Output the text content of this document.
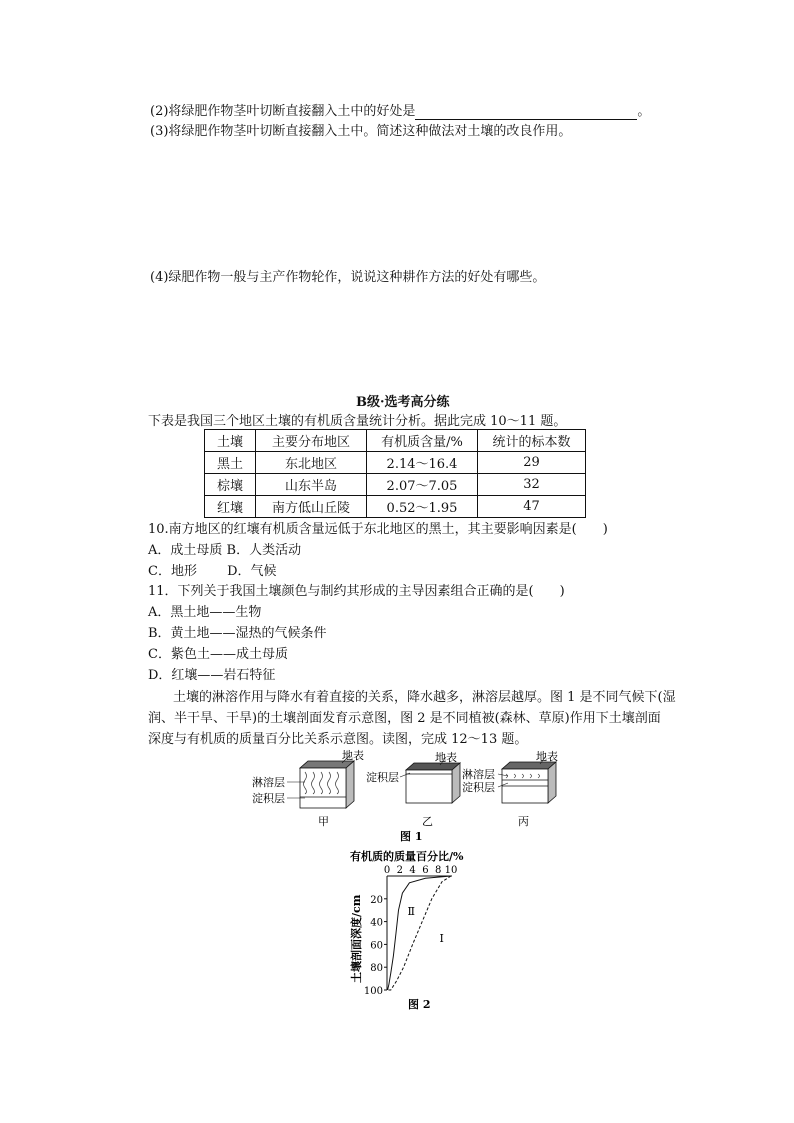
(2)将绿肥作物茎叶切断直接翻入土中的好处是	。
(3)将绿肥作物茎叶切断直接翻入土中。简述这种做法对土壤的改良作用。
(4)绿肥作物一般与主产作物轮作，说说这种耕作方法的好处有哪些。
B级·选考高分练
下表是我国三个地区土壤的有机质含量统计分析。据此完成 10～11 题。
土壤	主要分布地区	有机质含量/%	统计的标本数
黑土	东北地区	2.14～16.4	29
棕壤	山东半岛	2.07～7.05	32
红壤	南方低山丘陵	0.52～1.95	47
10.南方地区的红壤有机质含量远低于东北地区的黑土，其主要影响因素是(　　)
A．成土母质 B．人类活动
C．地形　　 D．气候
11．下列关于我国土壤颜色与制约其形成的主导因素组合正确的是(　　)
A．黑土地——生物
B．黄土地——湿热的气候条件
C．紫色土——成土母质
D．红壤——岩石特征
土壤的淋溶作用与降水有着直接的关系，降水越多，淋溶层越厚。图 1 是不同气候下(湿
润、半干旱、干旱)的土壤剖面发育示意图，图 2 是不同植被(森林、草原)作用下土壤剖面
深度与有机质的质量百分比关系示意图。读图，完成 12～13 题。
地表	地表	地表
淋溶层
淀积层
淀积层	淋溶层
淀积层
甲	乙	丙
图 1
有机质的质量百分比/%
0 2 4 6 8 10
20
40
60
80
100
Ⅱ
Ⅰ
土壤剖面深度/cm
图 2
